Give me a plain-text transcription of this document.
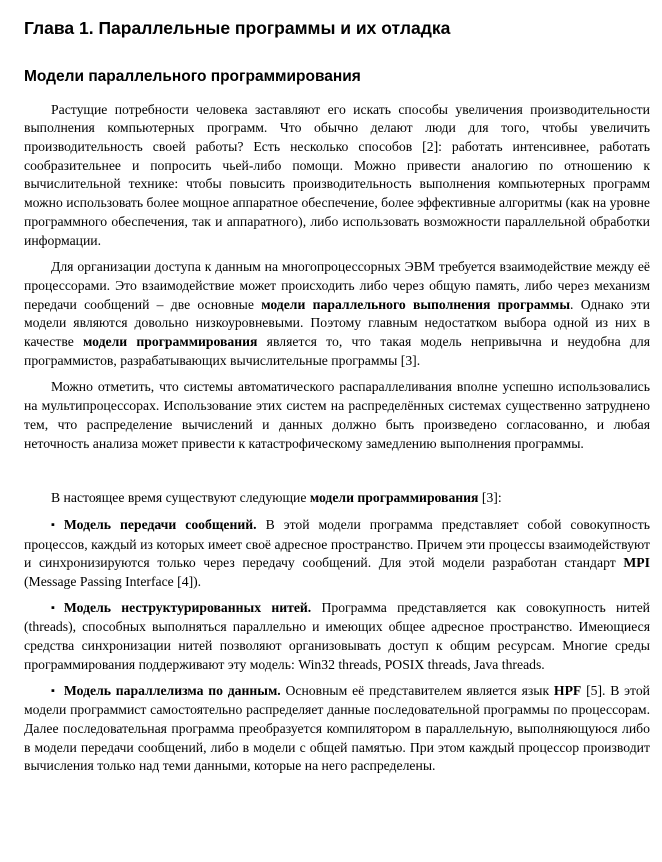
Глава 1. Параллельные программы и их отладка
Модели параллельного программирования

Растущие потребности человека заставляют его искать способы увеличения производительности выполнения компьютерных программ. Что обычно делают люди для того, чтобы увеличить производительность своей работы? Есть несколько способов [2]: работать интенсивнее, работать сообразительнее и попросить чьей-либо помощи. Можно привести аналогию по отношению к вычислительной технике: чтобы повысить производительность выполнения компьютерных программ можно использовать более мощное аппаратное обеспечение, более эффективные алгоритмы (как на уровне программного обеспечения, так и аппаратного), либо использовать возможности параллельной обработки информации.

Для организации доступа к данным на многопроцессорных ЭВМ требуется взаимодействие между её процессорами. Это взаимодействие может происходить либо через общую память, либо через механизм передачи сообщений – две основные модели параллельного выполнения программы. Однако эти модели являются довольно низкоуровневыми. Поэтому главным недостатком выбора одной из них в качестве модели программирования является то, что такая модель непривычна и неудобна для программистов, разрабатывающих вычислительные программы [3].

Можно отметить, что системы автоматического распараллеливания вполне успешно использовались на мультипроцессорах. Использование этих систем на распределённых системах существенно затруднено тем, что распределение вычислений и данных должно быть произведено согласованно, и любая неточность анализа может привести к катастрофическому замедлению выполнения программы.

В настоящее время существуют следующие модели программирования [3]:

▪ Модель передачи сообщений. В этой модели программа представляет собой совокупность процессов, каждый из которых имеет своё адресное пространство. Причем эти процессы взаимодействуют и синхронизируются только через передачу сообщений. Для этой модели разработан стандарт MPI (Message Passing Interface [4]).

▪ Модель неструктурированных нитей. Программа представляется как совокупность нитей (threads), способных выполняться параллельно и имеющих общее адресное пространство. Имеющиеся средства синхронизации нитей позволяют организовывать доступ к общим ресурсам. Многие среды программирования поддерживают эту модель: Win32 threads, POSIX threads, Java threads.

▪ Модель параллелизма по данным. Основным её представителем является язык HPF [5]. В этой модели программист самостоятельно распределяет данные последовательной программы по процессорам. Далее последовательная программа преобразуется компилятором в параллельную, выполняющуюся либо в модели передачи сообщений, либо в модели с общей памятью. При этом каждый процессор производит вычисления только над теми данными, которые на него распределены.
